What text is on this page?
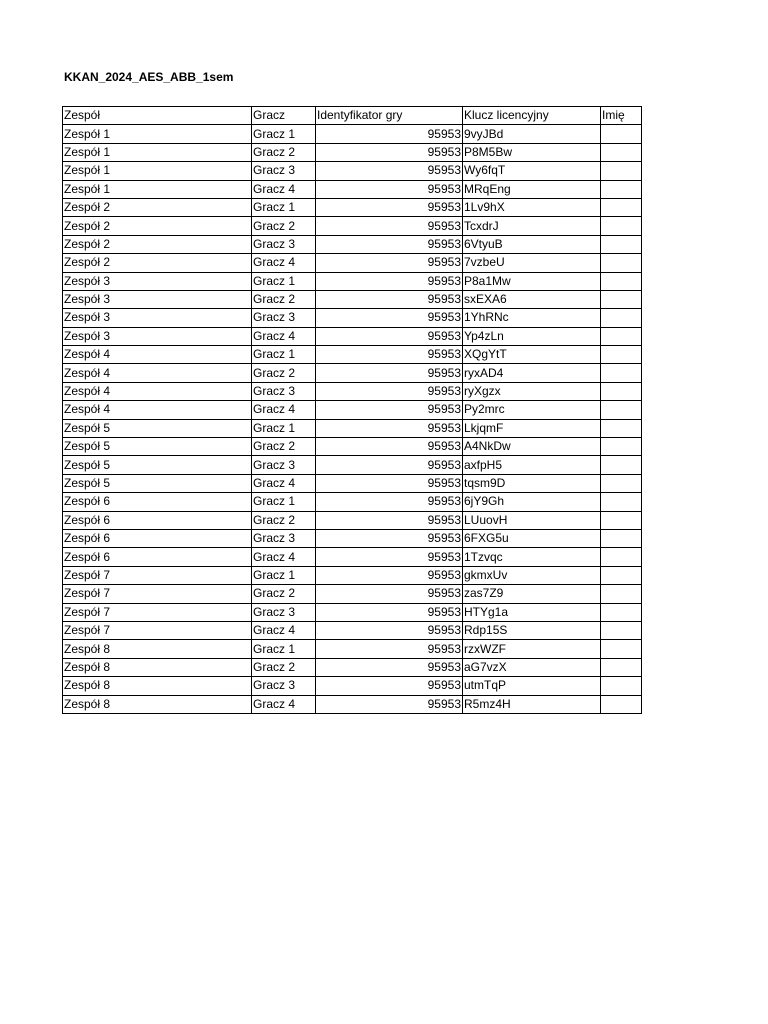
KKAN_2024_AES_ABB_1sem
Zespół	Gracz	Identyfikator gry	Klucz licencyjny	Imię
Zespół 1	Gracz 1	95953	9vyJBd	
Zespół 1	Gracz 2	95953	P8M5Bw	
Zespół 1	Gracz 3	95953	Wy6fqT	
Zespół 1	Gracz 4	95953	MRqEng	
Zespół 2	Gracz 1	95953	1Lv9hX	
Zespół 2	Gracz 2	95953	TcxdrJ	
Zespół 2	Gracz 3	95953	6VtyuB	
Zespół 2	Gracz 4	95953	7vzbeU	
Zespół 3	Gracz 1	95953	P8a1Mw	
Zespół 3	Gracz 2	95953	sxEXA6	
Zespół 3	Gracz 3	95953	1YhRNc	
Zespół 3	Gracz 4	95953	Yp4zLn	
Zespół 4	Gracz 1	95953	XQgYtT	
Zespół 4	Gracz 2	95953	ryxAD4	
Zespół 4	Gracz 3	95953	ryXgzx	
Zespół 4	Gracz 4	95953	Py2mrc	
Zespół 5	Gracz 1	95953	LkjqmF	
Zespół 5	Gracz 2	95953	A4NkDw	
Zespół 5	Gracz 3	95953	axfpH5	
Zespół 5	Gracz 4	95953	tqsm9D	
Zespół 6	Gracz 1	95953	6jY9Gh	
Zespół 6	Gracz 2	95953	LUuovH	
Zespół 6	Gracz 3	95953	6FXG5u	
Zespół 6	Gracz 4	95953	1Tzvqc	
Zespół 7	Gracz 1	95953	gkmxUv	
Zespół 7	Gracz 2	95953	zas7Z9	
Zespół 7	Gracz 3	95953	HTYg1a	
Zespół 7	Gracz 4	95953	Rdp15S	
Zespół 8	Gracz 1	95953	rzxWZF	
Zespół 8	Gracz 2	95953	aG7vzX	
Zespół 8	Gracz 3	95953	utmTqP	
Zespół 8	Gracz 4	95953	R5mz4H	
